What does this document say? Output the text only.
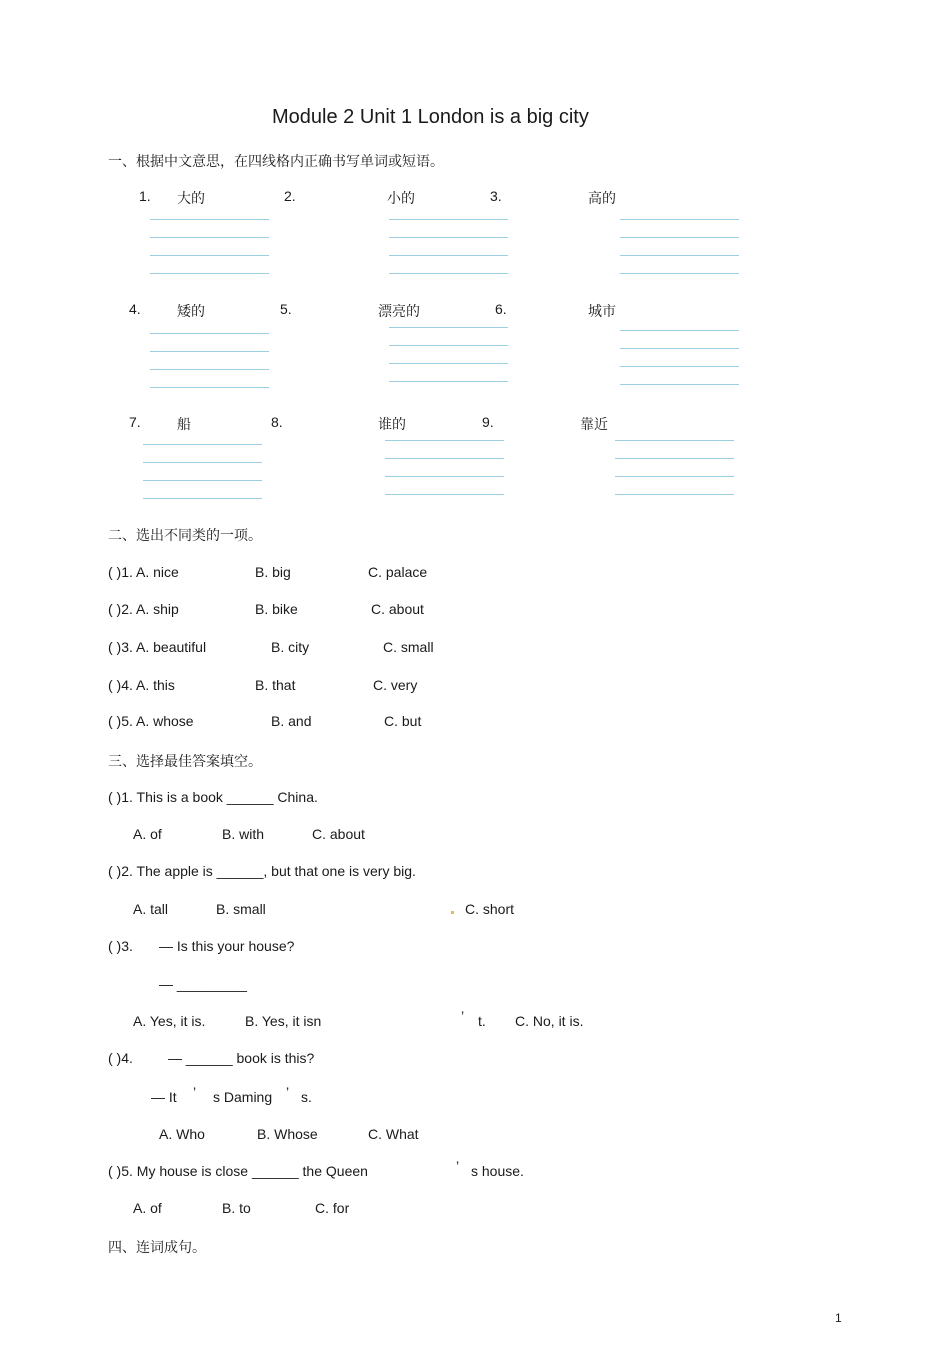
Module 2 Unit 1 London is a big city
一、根据中文意思，在四线格内正确书写单词或短语。
1. 大的	2.	小的	3.	高的
4.	矮的	5.	漂亮的	6.	城市
7.	船	8.	谁的	9.	靠近
二、选出不同类的一项。
( )1. A. nice	B. big	C. palace
( )2. A. ship	B. bike	C. about
( )3. A. beautiful	B. city	C. small
( )4. A. this	B. that	C. very
( )5. A. whose	B. and	C. but
三、选择最佳答案填空。
( )1. This is a book ______ China.
A. of	B. with	C. about
( )2. The apple is ______, but that one is very big.
A. tall	B. small	C. short
( )3. — Is this your house?
— _________
A. Yes, it is.	B. Yes, it isn	’ t. C. No, it is.
( )4.	— ______ book is this?
— It ’ s Daming ’ s.
A. Who	B. Whose	C. What
( )5. My house is close ______ the Queen	’ s house.
A. of	B. to	C. for
四、连词成句。
1
